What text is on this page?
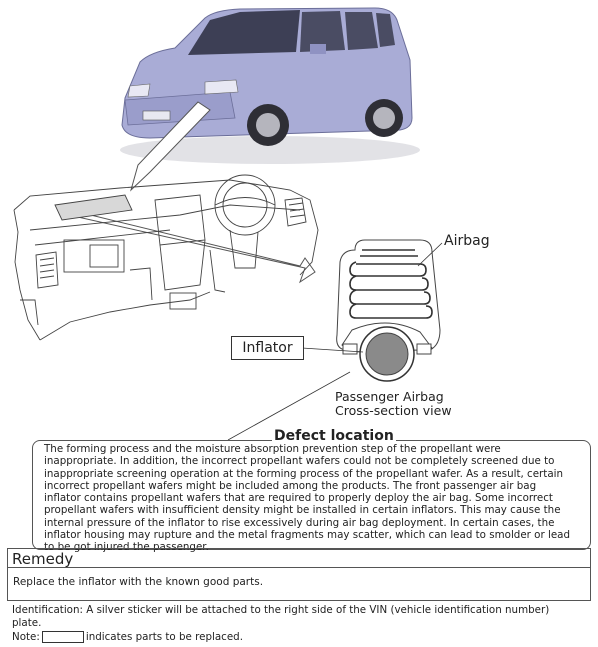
Airbag
Inflator
Passenger Airbag
Cross-section view
Defect location

The forming process and the moisture absorption prevention step of the propellant were inappropriate. In addition, the incorrect propellant wafers could not be completely screened due to inappropriate screening operation at the forming process of the propellant wafer. As a result, certain incorrect propellant wafers might be included among the products. The front passenger air bag inflator contains propellant wafers that are required to properly deploy the air bag. Some incorrect propellant wafers with insufficient density might be installed in certain inflators. This may cause the internal pressure of the inflator to rise excessively during air bag deployment. In certain cases, the inflator housing may rupture and the metal fragments may scatter, which can lead to smolder or lead to be got injured the passenger.

Remedy
Replace the inflator with the known good parts.

Identification: A silver sticker will be attached to the right side of the VIN (vehicle identification number) plate.

Note:	indicates parts to be replaced.
